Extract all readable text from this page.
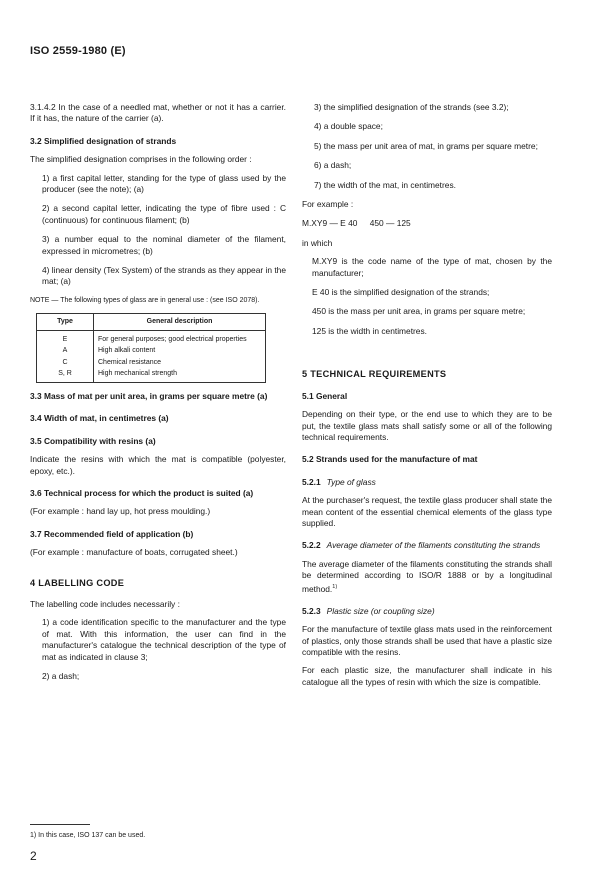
ISO 2559-1980 (E)

3.1.4.2 In the case of a needled mat, whether or not it has a carrier. If it has, the nature of the carrier (a).

3.2 Simplified designation of strands

The simplified designation comprises in the following order :

1) a first capital letter, standing for the type of glass used by the producer (see the note); (a)
2) a second capital letter, indicating the type of fibre used : C (continuous) for continuous filament; (b)
3) a number equal to the nominal diameter of the filament, expressed in micrometres; (b)
4) linear density (Tex System) of the strands as they appear in the mat; (a)
NOTE — The following types of glass are in general use : (see ISO 2078).
Type	General description
E	For general purposes; good electrical properties
A	High alkali content
C	Chemical resistance
S, R	High mechanical strength
3.3 Mass of mat per unit area, in grams per square metre (a)
3.4 Width of mat, in centimetres (a)
3.5 Compatibility with resins (a)

Indicate the resins with which the mat is compatible (polyester, epoxy, etc.).

3.6 Technical process for which the product is suited (a)

(For example : hand lay up, hot press moulding.)

3.7 Recommended field of application (b)

(For example : manufacture of boats, corrugated sheet.)

4 LABELLING CODE

The labelling code includes necessarily :

1) a code identification specific to the manufacturer and the type of mat. With this information, the user can find in the manufacturer's catalogue the technical description of the type of mat as indicated in clause 3;
2) a dash;
3) the simplified designation of the strands (see 3.2);
4) a double space;
5) the mass per unit area of mat, in grams per square metre;
6) a dash;
7) the width of the mat, in centimetres.

For example :

M.XY9 — E 40 450 — 125

in which

M.XY9 is the code name of the type of mat, chosen by the manufacturer;
E 40 is the simplified designation of the strands;
450 is the mass per unit area, in grams per square metre;
125 is the width in centimetres.
5 TECHNICAL REQUIREMENTS
5.1 General

Depending on their type, or the end use to which they are to be put, the textile glass mats shall satisfy some or all of the following technical requirements.

5.2 Strands used for the manufacture of mat
5.2.1 Type of glass

At the purchaser's request, the textile glass producer shall state the mean content of the essential chemical elements of the glass type supplied.

5.2.2 Average diameter of the filaments constituting the strands

The average diameter of the filaments constituting the strands shall be determined according to ISO/R 1888 or by a longitudinal method.$^{1)}$

5.2.3 Plastic size (or coupling size)

For the manufacture of textile glass mats used in the reinforcement of plastics, only those strands shall be used that have a plastic size compatible with the resins.

For each plastic size, the manufacturer shall indicate in his catalogue all the types of resin with which the size is compatible.

1) In this case, ISO 137 can be used.
2
